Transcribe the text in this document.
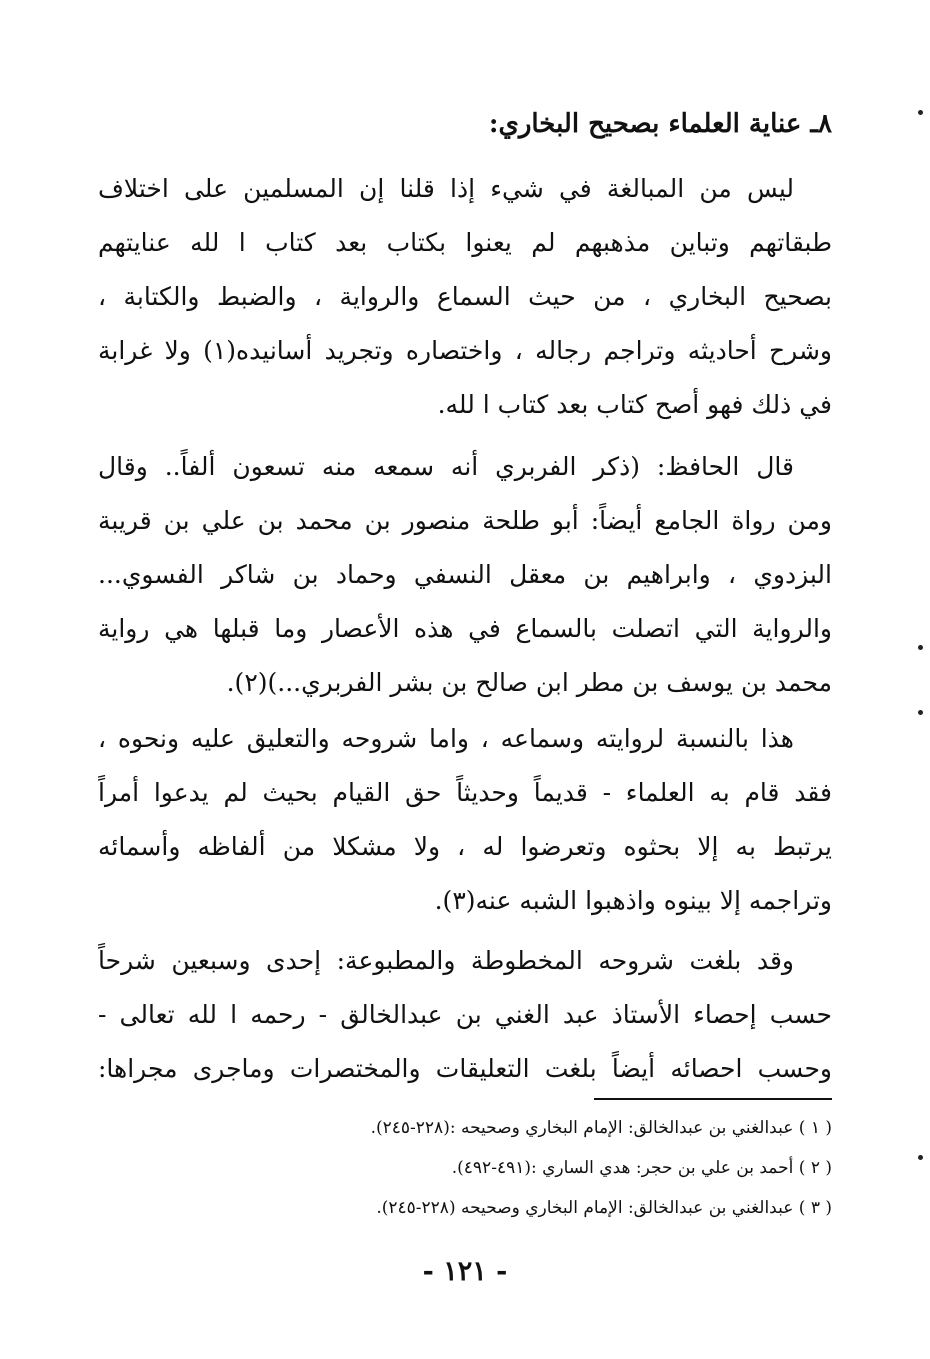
٨ـ عناية العلماء بصحيح البخاري:
ليس من المبالغة في شيء إذا قلنا إن المسلمين على اختلاف
طبقاتهم وتباين مذهبهم لم يعنوا بكتاب بعد كتاب ا لله عنايتهم
بصحيح البخاري ، من حيث السماع والرواية ، والضبط والكتابة ،
وشرح أحاديثه وتراجم رجاله ، واختصاره وتجريد أسانيده(١) ولا غرابة
في ذلك فهو أصح كتاب بعد كتاب ا لله.
قال الحافظ: (ذكر الفربري أنه سمعه منه تسعون ألفاً.. وقال
ومن رواة الجامع أيضاً: أبو طلحة منصور بن محمد بن علي بن قريبة
البزدوي ، وابراهيم بن معقل النسفي وحماد بن شاكر الفسوي...
والرواية التي اتصلت بالسماع في هذه الأعصار وما قبلها هي رواية
محمد بن يوسف بن مطر ابن صالح بن بشر الفربري...)(٢).
هذا بالنسبة لروايته وسماعه ، واما شروحه والتعليق عليه ونحوه ،
فقد قام به العلماء - قديماً وحديثاً حق القيام بحيث لم يدعوا أمراً
يرتبط به إلا بحثوه وتعرضوا له ، ولا مشكلا من ألفاظه وأسمائه
وتراجمه إلا بينوه واذهبوا الشبه عنه(٣).
وقد بلغت شروحه المخطوطة والمطبوعة: إحدى وسبعين شرحاً
حسب إحصاء الأستاذ عبد الغني بن عبدالخالق - رحمه ا لله تعالى -
وحسب احصائه أيضاً بلغت التعليقات والمختصرات وماجرى مجراها:
( ١ ) عبدالغني بن عبدالخالق: الإمام البخاري وصحيحه :(٢٢٨-٢٤٥).
( ٢ ) أحمد بن علي بن حجر: هدي الساري :(٤٩١-٤٩٢).
( ٣ ) عبدالغني بن عبدالخالق: الإمام البخاري وصحيحه (٢٢٨-٢٤٥).
- ١٢١ -
